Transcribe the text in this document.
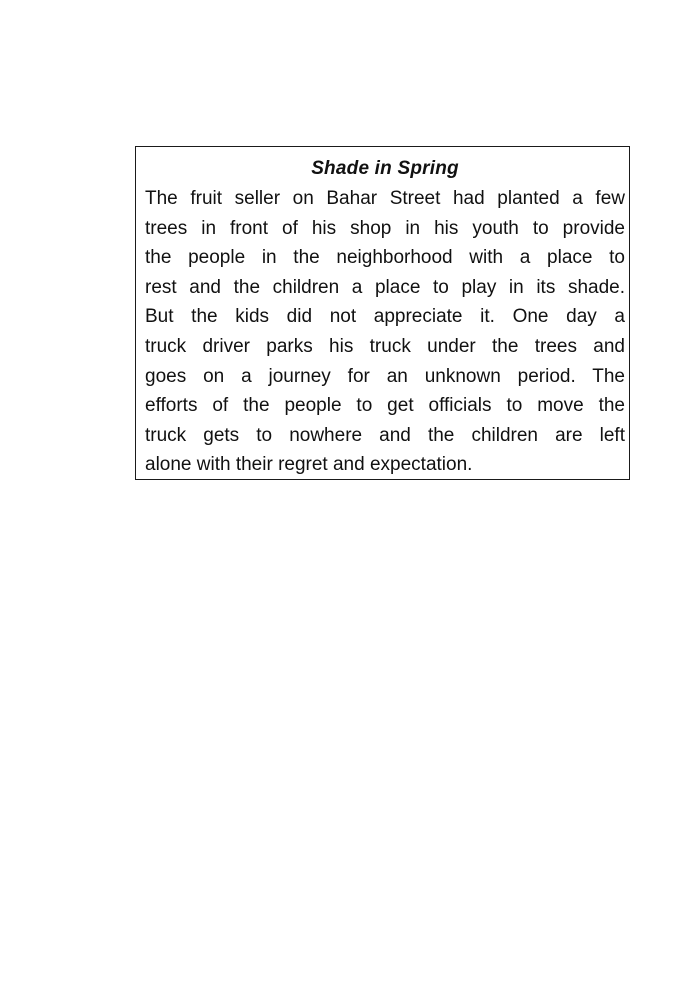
Shade in Spring
The fruit seller on Bahar Street had planted a few
trees in front of his shop in his youth to provide
the people in the neighborhood with a place to
rest and the children a place to play in its shade.
But the kids did not appreciate it. One day a
truck driver parks his truck under the trees and
goes on a journey for an unknown period. The
efforts of the people to get officials to move the
truck gets to nowhere and the children are left
alone with their regret and expectation.
